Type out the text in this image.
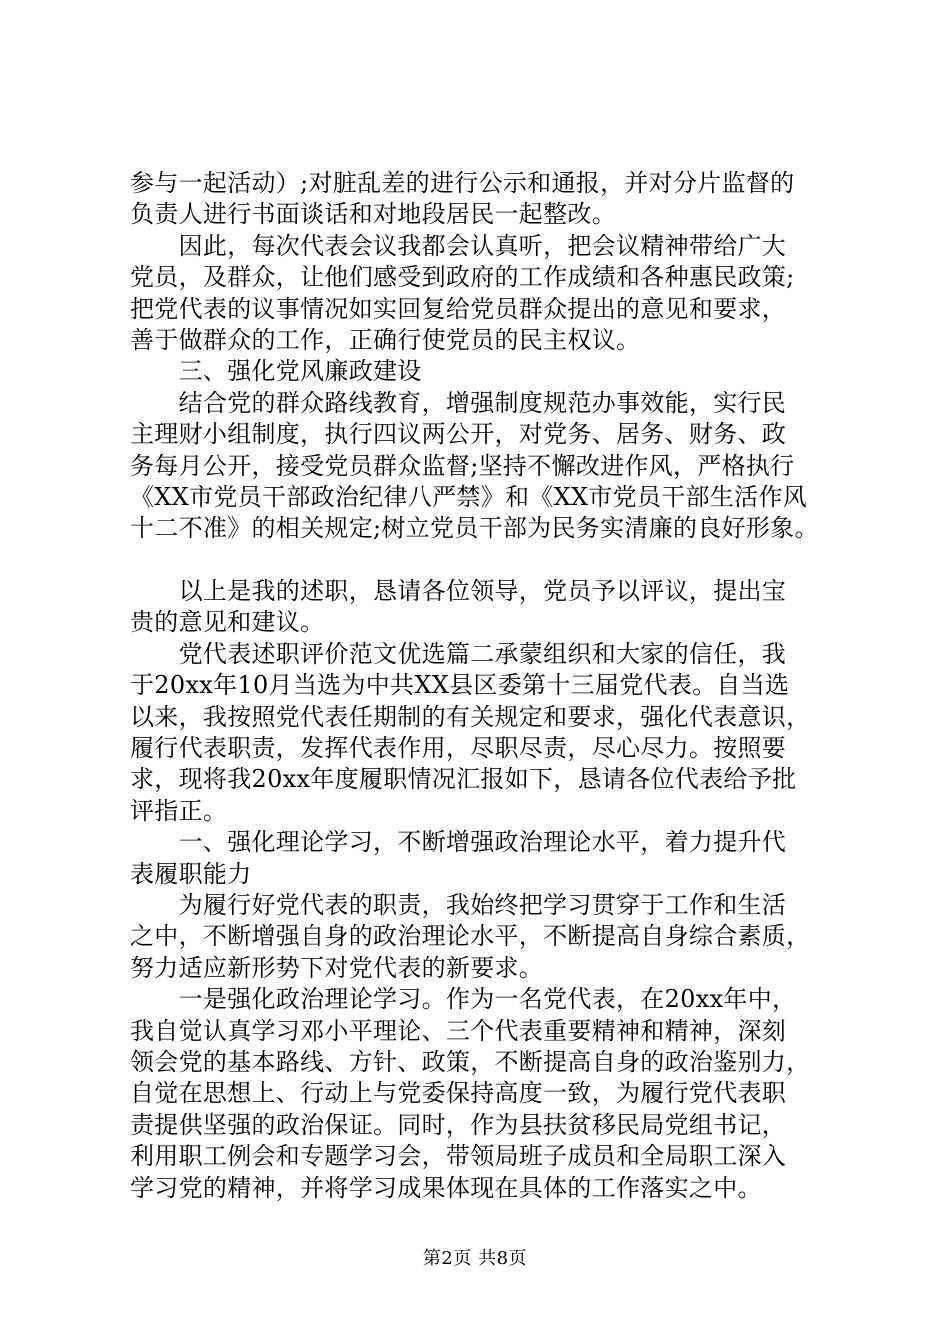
参与一起活动）;对脏乱差的进行公示和通报，并对分片监督的
负责人进行书面谈话和对地段居民一起整改。
　　因此，每次代表会议我都会认真听，把会议精神带给广大
党员，及群众，让他们感受到政府的工作成绩和各种惠民政策;
把党代表的议事情况如实回复给党员群众提出的意见和要求，
善于做群众的工作，正确行使党员的民主权议。
　　三、强化党风廉政建设
　　结合党的群众路线教育，增强制度规范办事效能，实行民
主理财小组制度，执行四议两公开，对党务、居务、财务、政
务每月公开，接受党员群众监督;坚持不懈改进作风，严格执行
《XX市党员干部政治纪律八严禁》和《XX市党员干部生活作风
十二不准》的相关规定;树立党员干部为民务实清廉的良好形象。
　　以上是我的述职，恳请各位领导，党员予以评议，提出宝
贵的意见和建议。
　　党代表述职评价范文优选篇二承蒙组织和大家的信任，我
于20xx年10月当选为中共XX县区委第十三届党代表。自当选
以来，我按照党代表任期制的有关规定和要求，强化代表意识，
履行代表职责，发挥代表作用，尽职尽责，尽心尽力。按照要
求，现将我20xx年度履职情况汇报如下，恳请各位代表给予批
评指正。
　　一、强化理论学习，不断增强政治理论水平，着力提升代
表履职能力
　　为履行好党代表的职责，我始终把学习贯穿于工作和生活
之中，不断增强自身的政治理论水平，不断提高自身综合素质，
努力适应新形势下对党代表的新要求。
　　一是强化政治理论学习。作为一名党代表，在20xx年中，
我自觉认真学习邓小平理论、三个代表重要精神和精神，深刻
领会党的基本路线、方针、政策，不断提高自身的政治鉴别力，
自觉在思想上、行动上与党委保持高度一致，为履行党代表职
责提供坚强的政治保证。同时，作为县扶贫移民局党组书记，
利用职工例会和专题学习会，带领局班子成员和全局职工深入
学习党的精神，并将学习成果体现在具体的工作落实之中。
第2页 共8页
